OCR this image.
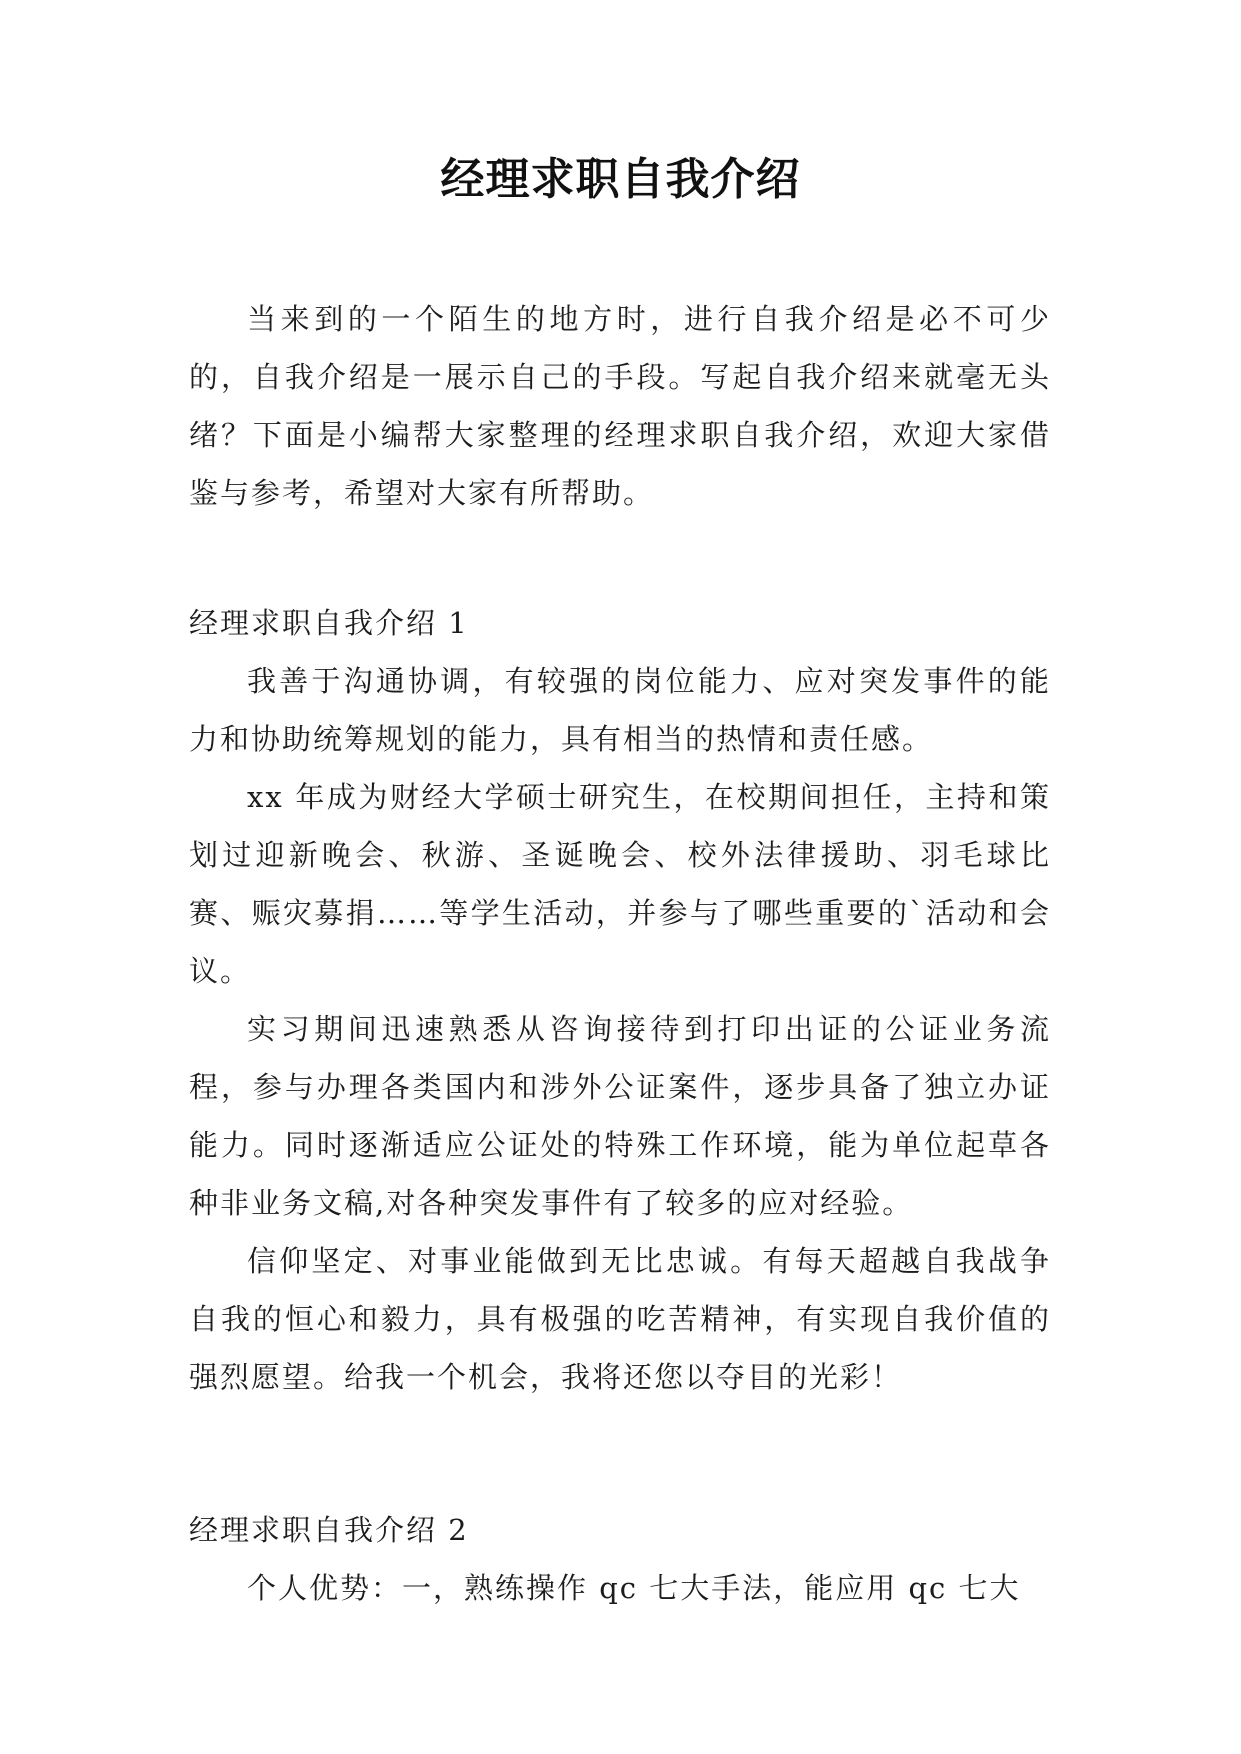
经理求职自我介绍

当来到的一个陌生的地方时，进行自我介绍是必不可少的，自我介绍是一展示自己的手段。写起自我介绍来就毫无头绪？下面是小编帮大家整理的经理求职自我介绍，欢迎大家借鉴与参考，希望对大家有所帮助。

经理求职自我介绍 1

我善于沟通协调，有较强的岗位能力、应对突发事件的能力和协助统筹规划的能力，具有相当的热情和责任感。

xx 年成为财经大学硕士研究生，在校期间担任，主持和策划过迎新晚会、秋游、圣诞晚会、校外法律援助、羽毛球比赛、赈灾募捐……等学生活动，并参与了哪些重要的`活动和会议。

实习期间迅速熟悉从咨询接待到打印出证的公证业务流程，参与办理各类国内和涉外公证案件，逐步具备了独立办证能力。同时逐渐适应公证处的特殊工作环境，能为单位起草各种非业务文稿,对各种突发事件有了较多的应对经验。

信仰坚定、对事业能做到无比忠诚。有每天超越自我战争自我的恒心和毅力，具有极强的吃苦精神，有实现自我价值的强烈愿望。给我一个机会，我将还您以夺目的光彩！

经理求职自我介绍 2

个人优势：一，熟练操作 qc 七大手法，能应用 qc 七大
